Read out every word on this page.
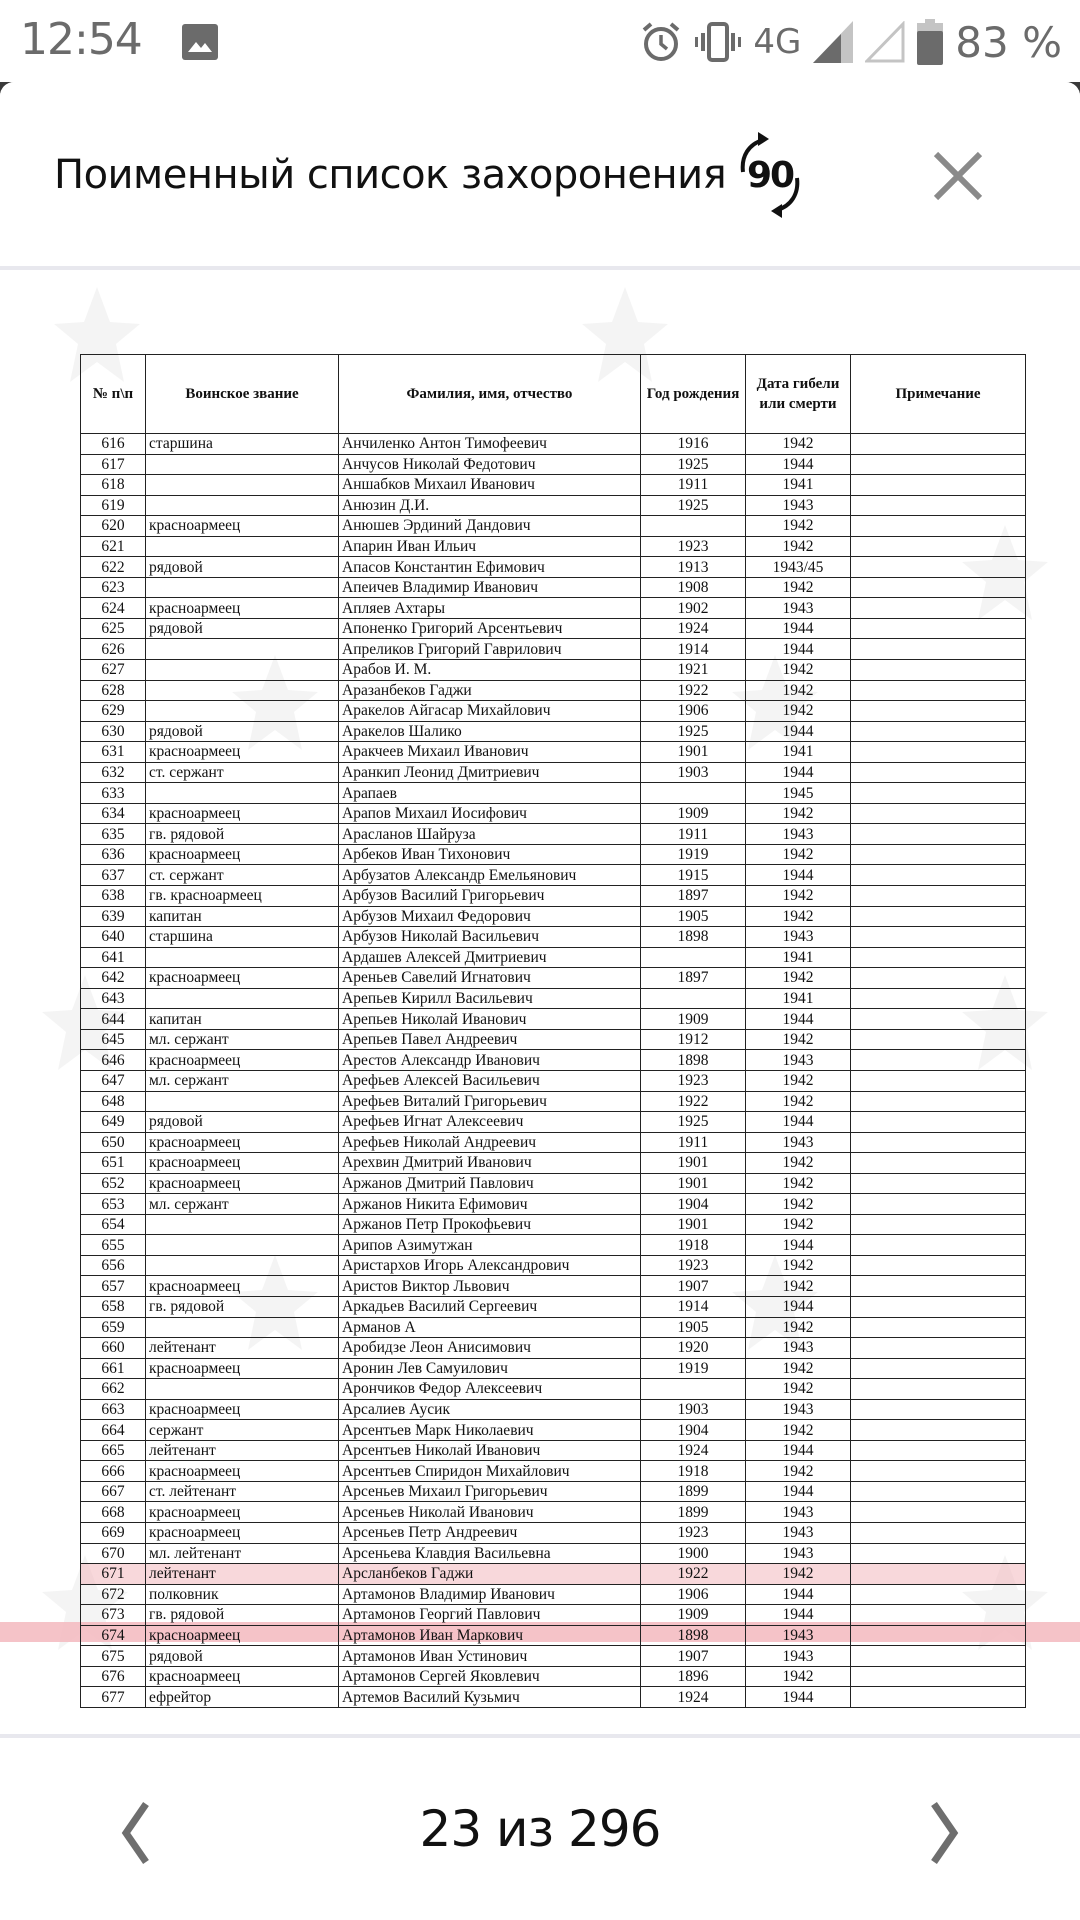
12:54	4G	83 %
Поименный список захоронения 90
№ п\п	Воинское звание	Фамилия, имя, отчество	Год рождения	Дата гибели или смерти	Примечание
616	старшина	Анчиленко Антон Тимофеевич	1916	1942	
617		Анчусов Николай Федотович	1925	1944	
618		Аншабков Михаил Иванович	1911	1941	
619		Анюзин Д.И.	1925	1943	
620	красноармеец	Анюшев Эрдиний Дандович		1942	
621		Апарин Иван Ильич	1923	1942	
622	рядовой	Апасов Константин Ефимович	1913	1943/45	
623		Апеичев Владимир Иванович	1908	1942	
624	красноармеец	Апляев Ахтары	1902	1943	
625	рядовой	Апоненко Григорий Арсентьевич	1924	1944	
626		Апреликов Григорий Гаврилович	1914	1944	
627		Арабов И. М.	1921	1942	
628		Аразанбеков Гаджи	1922	1942	
629		Аракелов Айгасар Михайлович	1906	1942	
630	рядовой	Аракелов Шалико	1925	1944	
631	красноармеец	Аракчеев Михаил Иванович	1901	1941	
632	ст. сержант	Аранкип Леонид Дмитриевич	1903	1944	
633		Арапаев		1945	
634	красноармеец	Арапов Михаил Иосифович	1909	1942	
635	гв. рядовой	Арасланов Шайруза	1911	1943	
636	красноармеец	Арбеков Иван Тихонович	1919	1942	
637	ст. сержант	Арбузатов Александр Емельянович	1915	1944	
638	гв. красноармеец	Арбузов Василий Григорьевич	1897	1942	
639	капитан	Арбузов Михаил Федорович	1905	1942	
640	старшина	Арбузов Николай Васильевич	1898	1943	
641		Ардашев Алексей Дмитриевич		1941	
642	красноармеец	Ареньев Савелий Игнатович	1897	1942	
643		Арепьев Кирилл Васильевич		1941	
644	капитан	Арепьев Николай Иванович	1909	1944	
645	мл. сержант	Арепьев Павел Андреевич	1912	1942	
646	красноармеец	Арестов Александр Иванович	1898	1943	
647	мл. сержант	Арефьев Алексей Васильевич	1923	1942	
648		Арефьев Виталий Григорьевич	1922	1942	
649	рядовой	Арефьев Игнат Алексеевич	1925	1944	
650	красноармеец	Арефьев Николай Андреевич	1911	1943	
651	красноармеец	Арехвин Дмитрий Иванович	1901	1942	
652	красноармеец	Аржанов Дмитрий Павлович	1901	1942	
653	мл. сержант	Аржанов Никита Ефимович	1904	1942	
654		Аржанов Петр Прокофьевич	1901	1942	
655		Арипов Азимутжан	1918	1944	
656		Аристархов Игорь Александрович	1923	1942	
657	красноармеец	Аристов Виктор Львович	1907	1942	
658	гв. рядовой	Аркадьев Василий Сергеевич	1914	1944	
659		Арманов А	1905	1942	
660	лейтенант	Аробидзе Леон Анисимович	1920	1943	
661	красноармеец	Аронин Лев Самуилович	1919	1942	
662		Арончиков Федор Алексеевич		1942	
663	красноармеец	Арсалиев Аусик	1903	1943	
664	сержант	Арсентьев Марк Николаевич	1904	1942	
665	лейтенант	Арсентьев Николай Иванович	1924	1944	
666	красноармеец	Арсентьев Спиридон Михайлович	1918	1942	
667	ст. лейтенант	Арсеньев Михаил Григорьевич	1899	1944	
668	красноармеец	Арсеньев Николай Иванович	1899	1943	
669	красноармеец	Арсеньев Петр Андреевич	1923	1943	
670	мл. лейтенант	Арсеньева Клавдия Васильевна	1900	1943	
671	лейтенант	Арсланбеков Гаджи	1922	1942	
672	полковник	Артамонов Владимир Иванович	1906	1944	
673	гв. рядовой	Артамонов Георгий Павлович	1909	1944	
674	красноармеец	Артамонов Иван Маркович	1898	1943	
675	рядовой	Артамонов Иван Устинович	1907	1943	
676	красноармеец	Артамонов Сергей Яковлевич	1896	1942	
677	ефрейтор	Артемов Василий Кузьмич	1924	1944	
23 из 296
